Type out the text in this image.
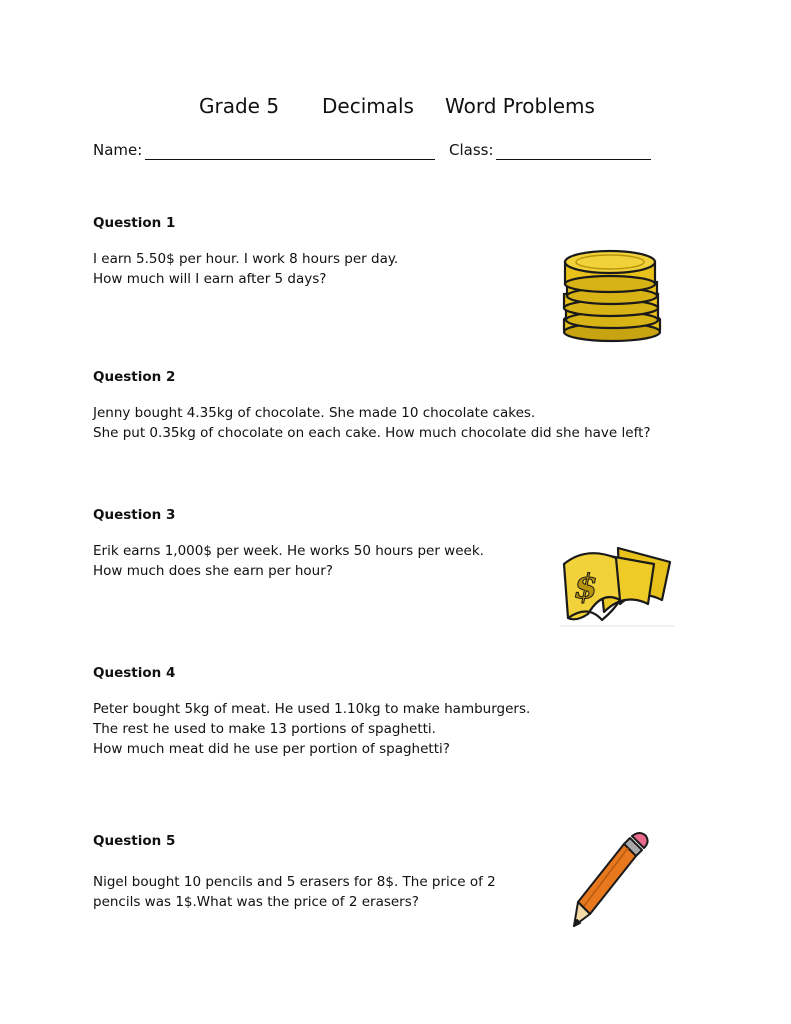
Grade 5 Decimals Word Problems
Name:	Class:
Question 1
I earn 5.50$ per hour. I work 8 hours per day.
How much will I earn after 5 days?
Question 2
Jenny bought 4.35kg of chocolate. She made 10 chocolate cakes.
She put 0.35kg of chocolate on each cake. How much chocolate did she have left?
Question 3
Erik earns 1,000$ per week. He works 50 hours per week.
How much does she earn per hour?	$
Question 4
Peter bought 5kg of meat. He used 1.10kg to make hamburgers.
The rest he used to make 13 portions of spaghetti.
How much meat did he use per portion of spaghetti?
Question 5
Nigel bought 10 pencils and 5 erasers for 8$. The price of 2
pencils was 1$.What was the price of 2 erasers?
